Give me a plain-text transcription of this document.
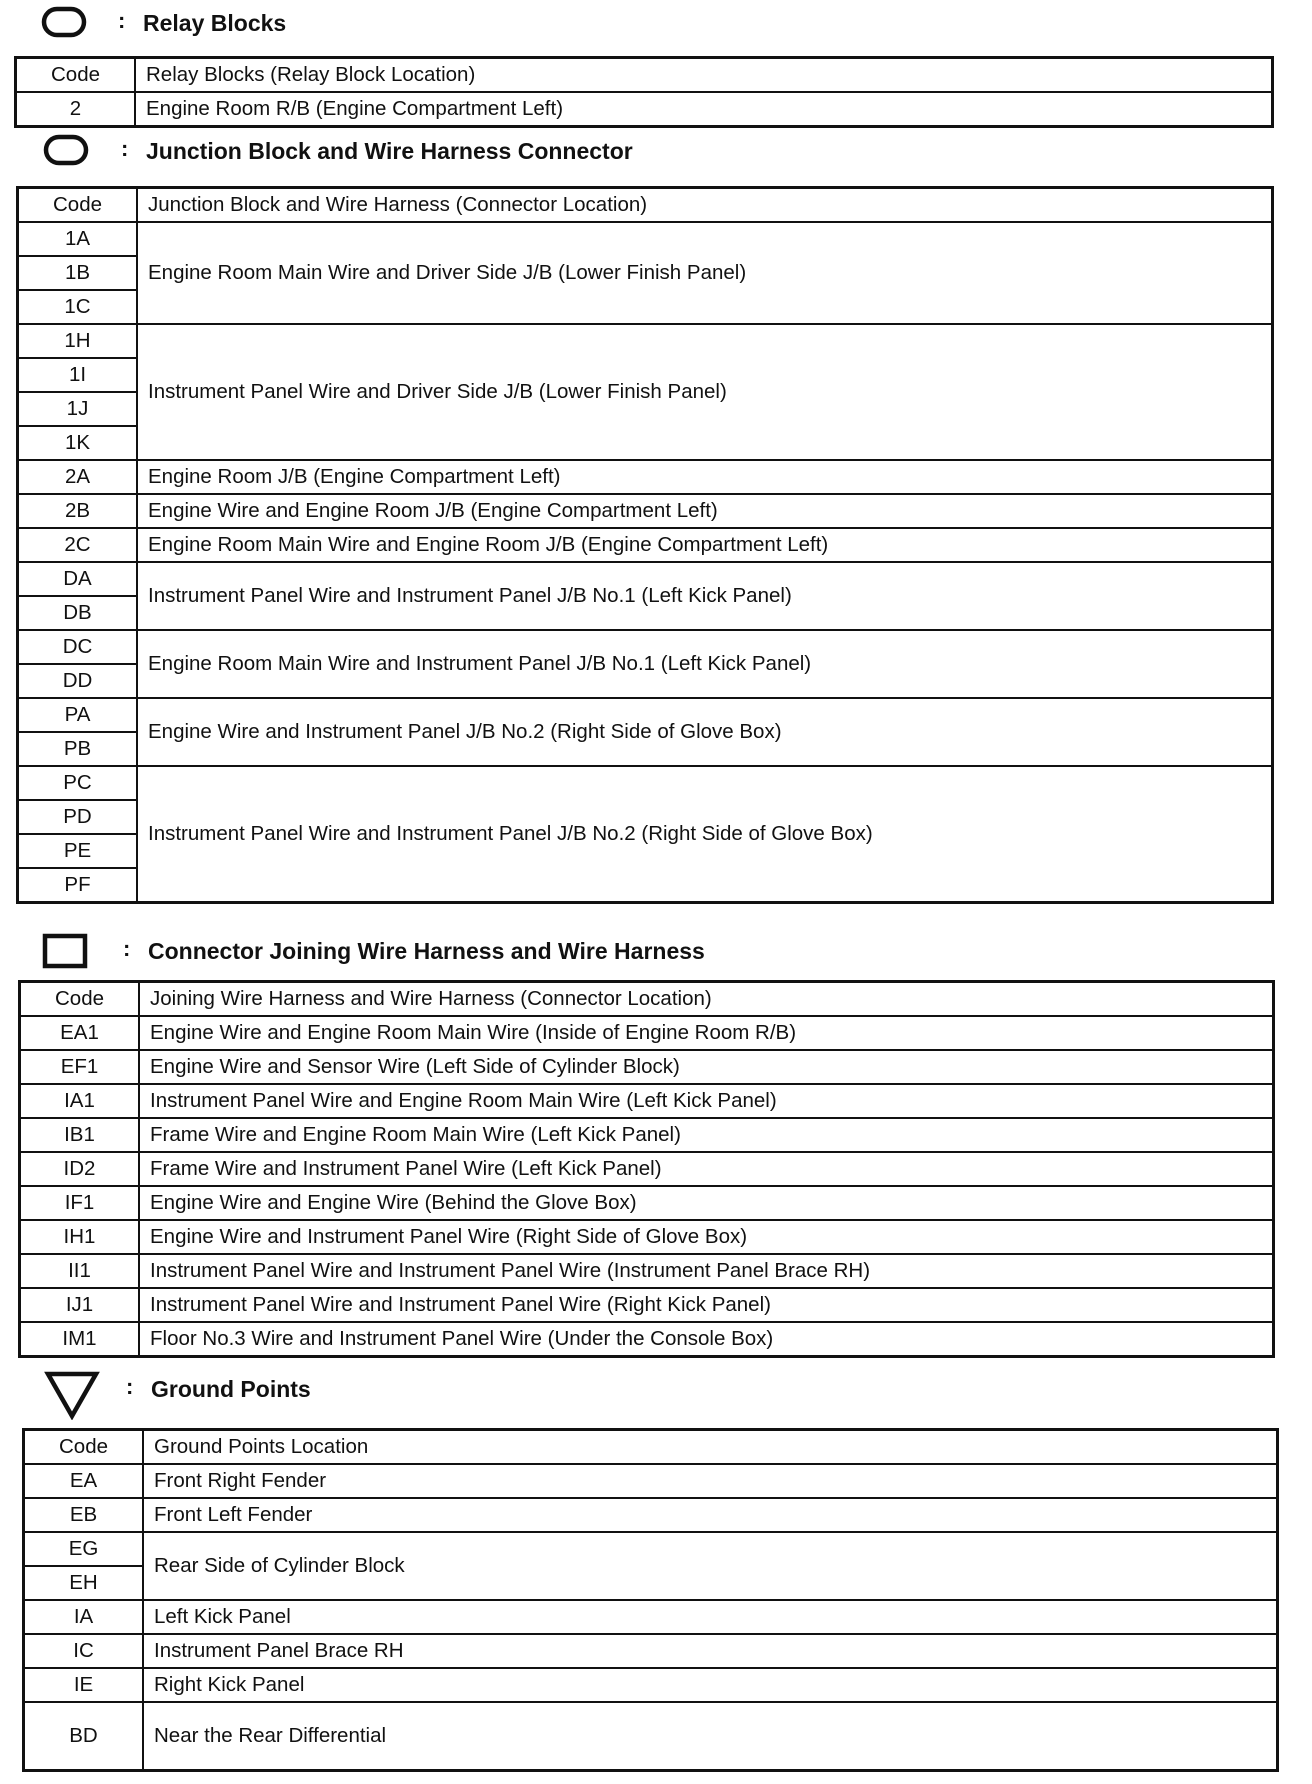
: Relay Blocks
Code	Relay Blocks (Relay Block Location)
2	Engine Room R/B (Engine Compartment Left)
: Junction Block and Wire Harness Connector
Code	Junction Block and Wire Harness (Connector Location)
1A	Engine Room Main Wire and Driver Side J/B (Lower Finish Panel)
1B	
1C	
1H	Instrument Panel Wire and Driver Side J/B (Lower Finish Panel)
1I	
1J	
1K	
2A	Engine Room J/B (Engine Compartment Left)
2B	Engine Wire and Engine Room J/B (Engine Compartment Left)
2C	Engine Room Main Wire and Engine Room J/B (Engine Compartment Left)
DA	Instrument Panel Wire and Instrument Panel J/B No.1 (Left Kick Panel)
DB	
DC	Engine Room Main Wire and Instrument Panel J/B No.1 (Left Kick Panel)
DD	
PA	Engine Wire and Instrument Panel J/B No.2 (Right Side of Glove Box)
PB	
PC	Instrument Panel Wire and Instrument Panel J/B No.2 (Right Side of Glove Box)
PD	
PE	
PF	
: Connector Joining Wire Harness and Wire Harness
Code	Joining Wire Harness and Wire Harness (Connector Location)
EA1	Engine Wire and Engine Room Main Wire (Inside of Engine Room R/B)
EF1	Engine Wire and Sensor Wire (Left Side of Cylinder Block)
IA1	Instrument Panel Wire and Engine Room Main Wire (Left Kick Panel)
IB1	Frame Wire and Engine Room Main Wire (Left Kick Panel)
ID2	Frame Wire and Instrument Panel Wire (Left Kick Panel)
IF1	Engine Wire and Engine Wire (Behind the Glove Box)
IH1	Engine Wire and Instrument Panel Wire (Right Side of Glove Box)
II1	Instrument Panel Wire and Instrument Panel Wire (Instrument Panel Brace RH)
IJ1	Instrument Panel Wire and Instrument Panel Wire (Right Kick Panel)
IM1	Floor No.3 Wire and Instrument Panel Wire (Under the Console Box)
: Ground Points
Code	Ground Points Location
EA	Front Right Fender
EB	Front Left Fender
EG	Rear Side of Cylinder Block
EH	
IA	Left Kick Panel
IC	Instrument Panel Brace RH
IE	Right Kick Panel
BD	Near the Rear Differential
